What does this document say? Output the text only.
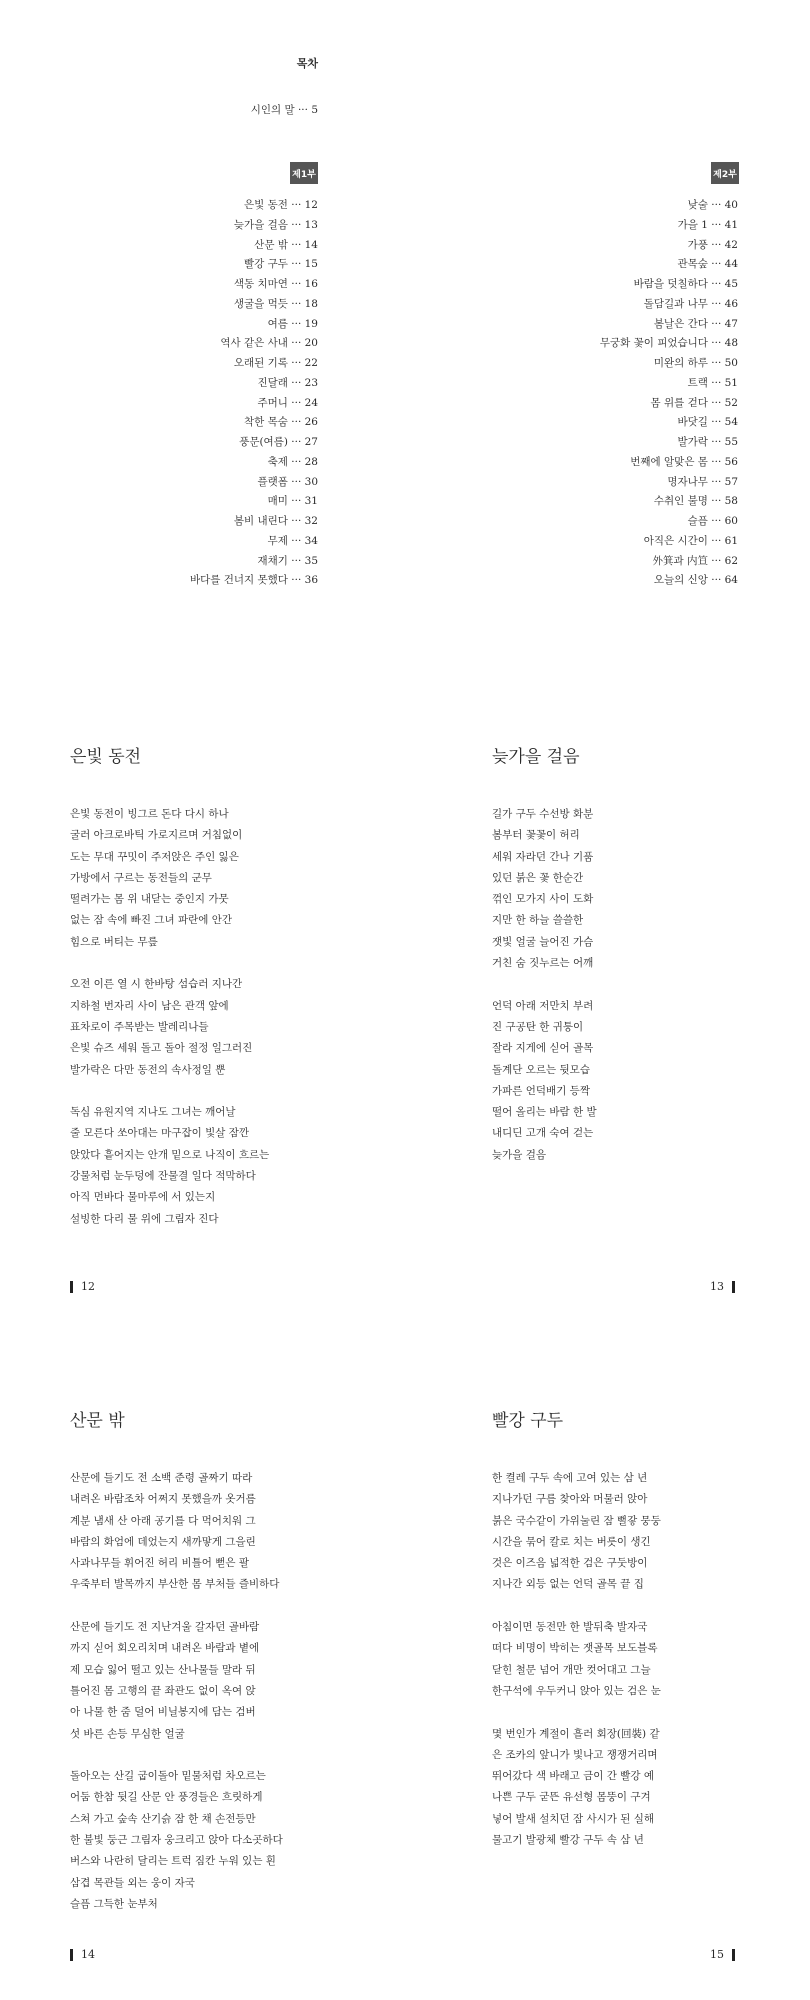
목차
시인의 말 ··· 5
제1부	제2부
은빛 동전 ··· 12
늦가을 걸음 ··· 13
산문 밖 ··· 14
빨강 구두 ··· 15
색동 치마연 ··· 16
생굴을 먹듯 ··· 18
여름 ··· 19
역사 같은 사내 ··· 20
오래된 기록 ··· 22
진달래 ··· 23
주머니 ··· 24
착한 목숨 ··· 26
풍문(여름) ··· 27
축제 ··· 28
플랫폼 ··· 30
매미 ··· 31
봄비 내린다 ··· 32
무제 ··· 34
재채기 ··· 35
바다를 건너지 못했다 ··· 36
낮술 ··· 40
가을 1 ··· 41
가풍 ··· 42
관목숲 ··· 44
바람을 덧칠하다 ··· 45
돌담길과 나무 ··· 46
봄날은 간다 ··· 47
무궁화 꽃이 피었습니다 ··· 48
미완의 하루 ··· 50
트랙 ··· 51
몸 위를 걷다 ··· 52
바닷길 ··· 54
발가락 ··· 55
번째에 알맞은 몸 ··· 56
명자나무 ··· 57
수취인 불명 ··· 58
슬픔 ··· 60
아직은 시간이 ··· 61
外箕과 内笪 ··· 62
오늘의 신앙 ··· 64
은빛 동전
은빛 동전이 빙그르 돈다 다시 하나
굴러 아크로바틱 가로지르며 거침없이
도는 무대 꾸밋이 주저앉은 주인 잃은
가방에서 구르는 동전들의 군무
떨려가는 몸 위 내닫는 중인지 가뭇
없는 잠 속에 빠진 그녀 파란에 안간
힘으로 버티는 무릎
오전 이른 열 시 한바탕 섬습러 지나간
지하철 번자리 사이 남은 관객 앞에
표차로이 주목받는 발레리나들
은빛 슈즈 세워 돌고 돌아 절정 일그러진
발가락은 다만 동전의 속사정일 뿐
독심 유원지역 지나도 그녀는 깨어날
줄 모른다 쏘아대는 마구잡이 빛살 잠깐
앉았다 흩어지는 안개 밑으로 나직이 흐르는
강물처럼 눈두덩에 잔물결 일다 적막하다
아직 먼바다 물마루에 서 있는지
설빙한 다리 물 위에 그림자 진다
12
늦가을 걸음
길가 구두 수선방 화분
봄부터 꽃꽃이 허리
세워 자라던 간나 기품
있던 붉은 꽃 한순간
꺾인 모가지 사이 도화
지만 한 하늘 쓸쓸한
잿빛 얼굴 늘어진 가슴
거친 숨 짓누르는 어깨
언덕 아래 저만치 부려
진 구공탄 한 귀퉁이
잘라 지게에 싣어 골목
돌계단 오르는 뒷모습
가파른 언덕배기 등짝
떨어 올리는 바람 한 발
내디딘 고개 숙여 걷는
늦가을 걸음
13
산문 밖
산문에 들기도 전 소백 준령 골짜기 따라
내려온 바람조차 어쩌지 못했을까 옷거름
계분 냄새 산 아래 공기를 다 먹어치워 그
바람의 화엄에 데었는지 새까맣게 그을린
사과나무들 휘어진 허리 비틀어 뻗은 팔
우죽부터 발목까지 부산한 몸 부처들 즐비하다
산문에 들기도 전 지난겨울 갈자던 골바람
까지 싣어 회오리치며 내려온 바람과 볕에
제 모습 잃어 떨고 있는 산나물들 말라 뒤
틀어진 몸 고행의 끝 좌관도 없이 옥여 앉
아 나물 한 줌 덜어 비닐봉지에 담는 검버
섯 바른 손등 무심한 얼굴
돌아오는 산길 굽이돌아 밑물처럼 차오르는
어둠 한참 뒷길 산문 안 풍경들은 흐릿하게
스쳐 가고 숲속 산기슭 잠 한 채 손전등만
한 불빛 둥근 그림자 웅크리고 앉아 다소곳하다
버스와 나란히 달리는 트럭 짐칸 누워 있는 흰
삼겹 목관들 외는 웅이 자국
슬픔 그득한 눈부처
14
빨강 구두
한 켤레 구두 속에 고여 있는 삼 년
지나가던 구름 찾아와 머물러 앉아
붉은 국수같이 가위눌린 잠 뻘갛 뭉둥
시간을 묶어 칼로 치는 버릇이 생긴
것은 이즈음 넓적한 검은 구둣방이
지나간 외등 없는 언덕 골목 끝 집
아침이면 동전만 한 발뒤축 발자국
떠다 비명이 박히는 잿골목 보도블록
닫힌 철문 넘어 개만 컷어대고 그늘
한구석에 우두커니 앉아 있는 검은 눈
몇 번인가 계절이 흘러 회장(回裝) 같
은 조카의 앞니가 빛나고 쟁쟁거리며
뛰어갔다 색 바래고 금이 간 빨강 예
나쁜 구두 굳뜬 유선형 몸뚱이 구겨
넣어 발새 설치던 잠 사시가 된 실해
물고기 발광체 빨강 구두 속 삼 년
15
